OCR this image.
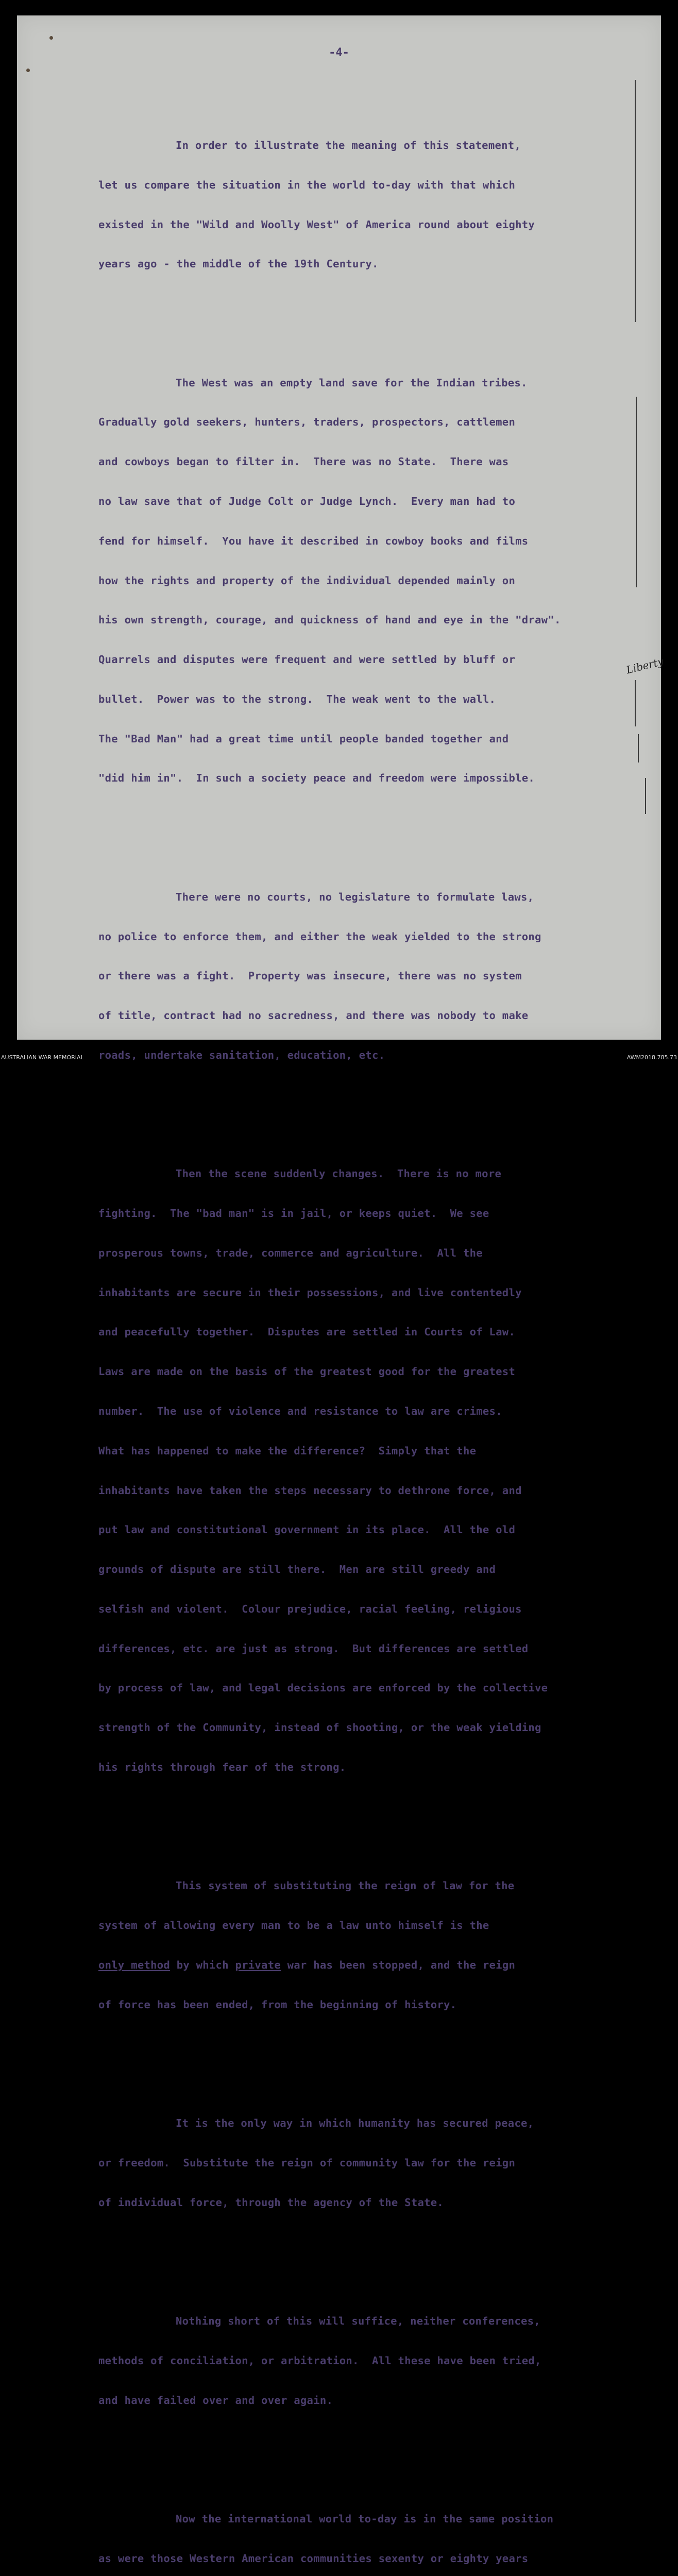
-4-

In order to illustrate the meaning of this statement,

let us compare the situation in the world to-day with that which

existed in the "Wild and Woolly West" of America round about eighty

years ago - the middle of the 19th Century.

The West was an empty land save for the Indian tribes.

Gradually gold seekers, hunters, traders, prospectors, cattlemen

and cowboys began to filter in.  There was no State.  There was

no law save that of Judge Colt or Judge Lynch.  Every man had to

fend for himself.  You have it described in cowboy books and films

how the rights and property of the individual depended mainly on

his own strength, courage, and quickness of hand and eye in the "draw".

Quarrels and disputes were frequent and were settled by bluff or

bullet.  Power was to the strong.  The weak went to the wall.

The "Bad Man" had a great time until people banded together and

"did him in".  In such a society peace and freedom were impossible.

There were no courts, no legislature to formulate laws,

no police to enforce them, and either the weak yielded to the strong

or there was a fight.  Property was insecure, there was no system

of title, contract had no sacredness, and there was nobody to make

roads, undertake sanitation, education, etc.

Then the scene suddenly changes.  There is no more

fighting.  The "bad man" is in jail, or keeps quiet.  We see

prosperous towns, trade, commerce and agriculture.  All the

inhabitants are secure in their possessions, and live contentedly

and peacefully together.  Disputes are settled in Courts of Law.

Laws are made on the basis of the greatest good for the greatest

number.  The use of violence and resistance to law are crimes.

What has happened to make the difference?  Simply that the

inhabitants have taken the steps necessary to dethrone force, and

put law and constitutional government in its place.  All the old

grounds of dispute are still there.  Men are still greedy and

selfish and violent.  Colour prejudice, racial feeling, religious

differences, etc. are just as strong.  But differences are settled

by process of law, and legal decisions are enforced by the collective

strength of the Community, instead of shooting, or the weak yielding

his rights through fear of the strong.

This system of substituting the reign of law for the

system of allowing every man to be a law unto himself is the

only method by which private war has been stopped, and the reign

of force has been ended, from the beginning of history.

It is the only way in which humanity has secured peace,

or freedom.  Substitute the reign of community law for the reign

of individual force, through the agency of the State.

Nothing short of this will suffice, neither conferences,

methods of conciliation, or arbitration.  All these have been tried,

and have failed over and over again.

Now the international world to-day is in the same position

as were those Western American communities sexenty or eighty years

Liberty
AUSTRALIAN WAR MEMORIAL	AWM2018.785.73
